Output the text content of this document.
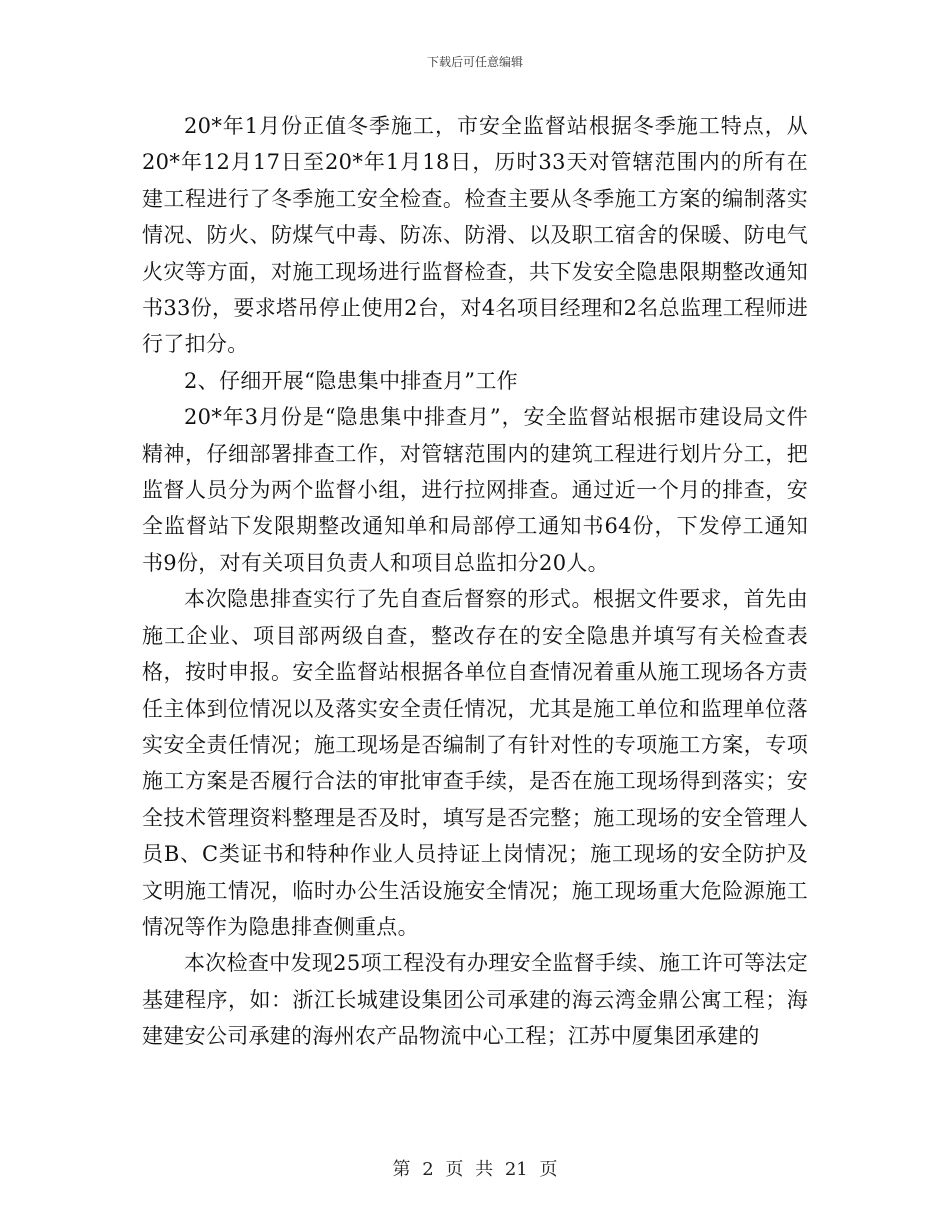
下载后可任意编辑

20*年1月份正值冬季施工，市安全监督站根据冬季施工特点，从20*年12月17日至20*年1月18日，历时33天对管辖范围内的所有在建工程进行了冬季施工安全检查。检查主要从冬季施工方案的编制落实情况、防火、防煤气中毒、防冻、防滑、以及职工宿舍的保暖、防电气火灾等方面，对施工现场进行监督检查，共下发安全隐患限期整改通知书33份，要求塔吊停止使用2台，对4名项目经理和2名总监理工程师进行了扣分。

2、仔细开展“隐患集中排查月”工作

20*年3月份是“隐患集中排查月”，安全监督站根据市建设局文件精神，仔细部署排查工作，对管辖范围内的建筑工程进行划片分工，把监督人员分为两个监督小组，进行拉网排查。通过近一个月的排查，安全监督站下发限期整改通知单和局部停工通知书64份，下发停工通知书9份，对有关项目负责人和项目总监扣分20人。

本次隐患排查实行了先自查后督察的形式。根据文件要求，首先由施工企业、项目部两级自查，整改存在的安全隐患并填写有关检查表格，按时申报。安全监督站根据各单位自查情况着重从施工现场各方责任主体到位情况以及落实安全责任情况，尤其是施工单位和监理单位落实安全责任情况；施工现场是否编制了有针对性的专项施工方案，专项施工方案是否履行合法的审批审查手续，是否在施工现场得到落实；安全技术管理资料整理是否及时，填写是否完整；施工现场的安全管理人员B、C类证书和特种作业人员持证上岗情况；施工现场的安全防护及文明施工情况，临时办公生活设施安全情况；施工现场重大危险源施工情况等作为隐患排查侧重点。

本次检查中发现25项工程没有办理安全监督手续、施工许可等法定基建程序，如：浙江长城建设集团公司承建的海云湾金鼎公寓工程；海建建安公司承建的海州农产品物流中心工程；江苏中厦集团承建的

第 2 页 共 21 页
